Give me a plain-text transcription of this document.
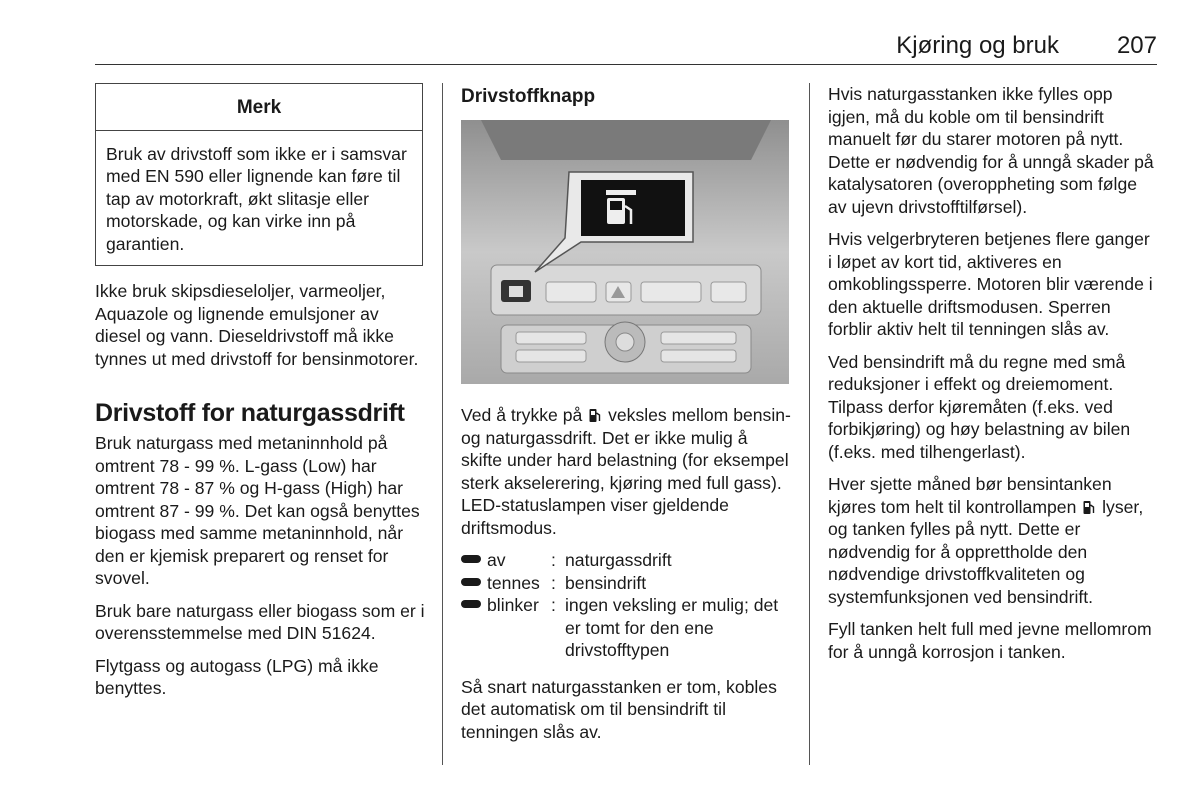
Kjøring og bruk 207
Merk
Bruk av drivstoff som ikke er i samsvar med EN 590 eller lignende kan føre til tap av motorkraft, økt slitasje eller motorskade, og kan virke inn på garantien.

Ikke bruk skipsdieseloljer, varmeoljer, Aquazole og lignende emulsjoner av diesel og vann. Dieseldrivstoff må ikke tynnes ut med drivstoff for bensinmotorer.

Drivstoff for naturgassdrift

Bruk naturgass med metaninnhold på omtrent 78 - 99 %. L-gass (Low) har omtrent 78 - 87 % og H-gass (High) har omtrent 87 - 99 %. Det kan også benyttes biogass med samme metaninnhold, når den er kjemisk preparert og renset for svovel.

Bruk bare naturgass eller biogass som er i overensstemmelse med DIN 51624.

Flytgass og autogass (LPG) må ikke benyttes.

Drivstoffknapp

Ved å trykke på veksles mellom bensin- og naturgassdrift. Det er ikke mulig å skifte under hard belastning (for eksempel sterk akselerering, kjøring med full gass). LED-statuslampen viser gjeldende driftsmodus.

av	: naturgassdrift
tennes : bensindrift
blinker : ingen veksling er mulig; det er tomt for den ene drivstofftypen

Så snart naturgasstanken er tom, kobles det automatisk om til bensindrift til tenningen slås av.

Hvis naturgasstanken ikke fylles opp igjen, må du koble om til bensindrift manuelt før du starer motoren på nytt. Dette er nødvendig for å unngå skader på katalysatoren (overoppheting som følge av ujevn drivstofftilførsel).

Hvis velgerbryteren betjenes flere ganger i løpet av kort tid, aktiveres en omkoblingssperre. Motoren blir værende i den aktuelle driftsmodusen. Sperren forblir aktiv helt til tenningen slås av.

Ved bensindrift må du regne med små reduksjoner i effekt og dreiemoment. Tilpass derfor kjøremåten (f.eks. ved forbikjøring) og høy belastning av bilen (f.eks. med tilhengerlast).

Hver sjette måned bør bensintanken kjøres tom helt til kontrollampen lyser, og tanken fylles på nytt. Dette er nødvendig for å opprettholde den nødvendige drivstoffkvaliteten og systemfunksjonen ved bensindrift.

Fyll tanken helt full med jevne mellomrom for å unngå korrosjon i tanken.
